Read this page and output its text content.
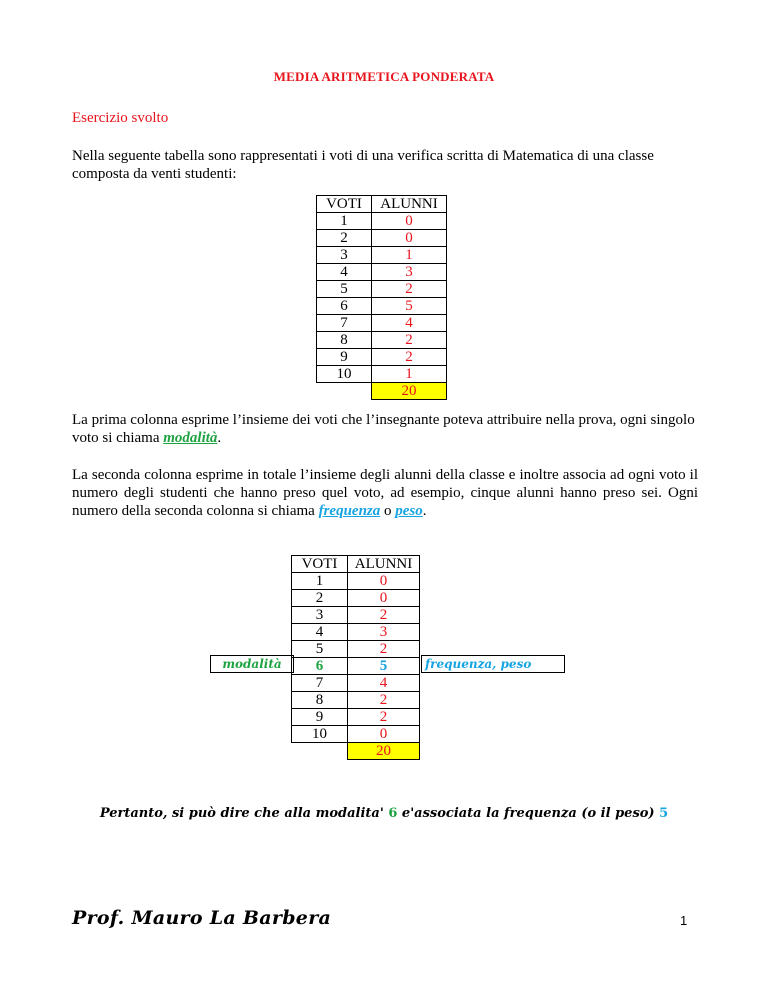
MEDIA ARITMETICA PONDERATA
Esercizio svolto
Nella seguente tabella sono rappresentati i voti di una verifica scritta di Matematica di una classe composta da venti studenti:
VOTI	ALUNNI
1	0
2	0
3	1
4	3
5	2
6	5
7	4
8	2
9	2
10	1
	20
La prima colonna esprime l’insieme dei voti che l’insegnante poteva attribuire nella prova, ogni singolo voto si chiama modalità.
La seconda colonna esprime in totale l’insieme degli alunni della classe e inoltre associa ad ogni voto il numero degli studenti che hanno preso quel voto, ad esempio, cinque alunni hanno preso sei. Ogni numero della seconda colonna si chiama frequenza o peso.
VOTI	ALUNNI
1	0
2	0
3	2
4	3
5	2
6	5
7	4
8	2
9	2
10	0
	20
modalità	frequenza, peso
Pertanto, si può dire che alla modalita' 6 e'associata la frequenza (o il peso) 5
Prof. Mauro La Barbera	1
